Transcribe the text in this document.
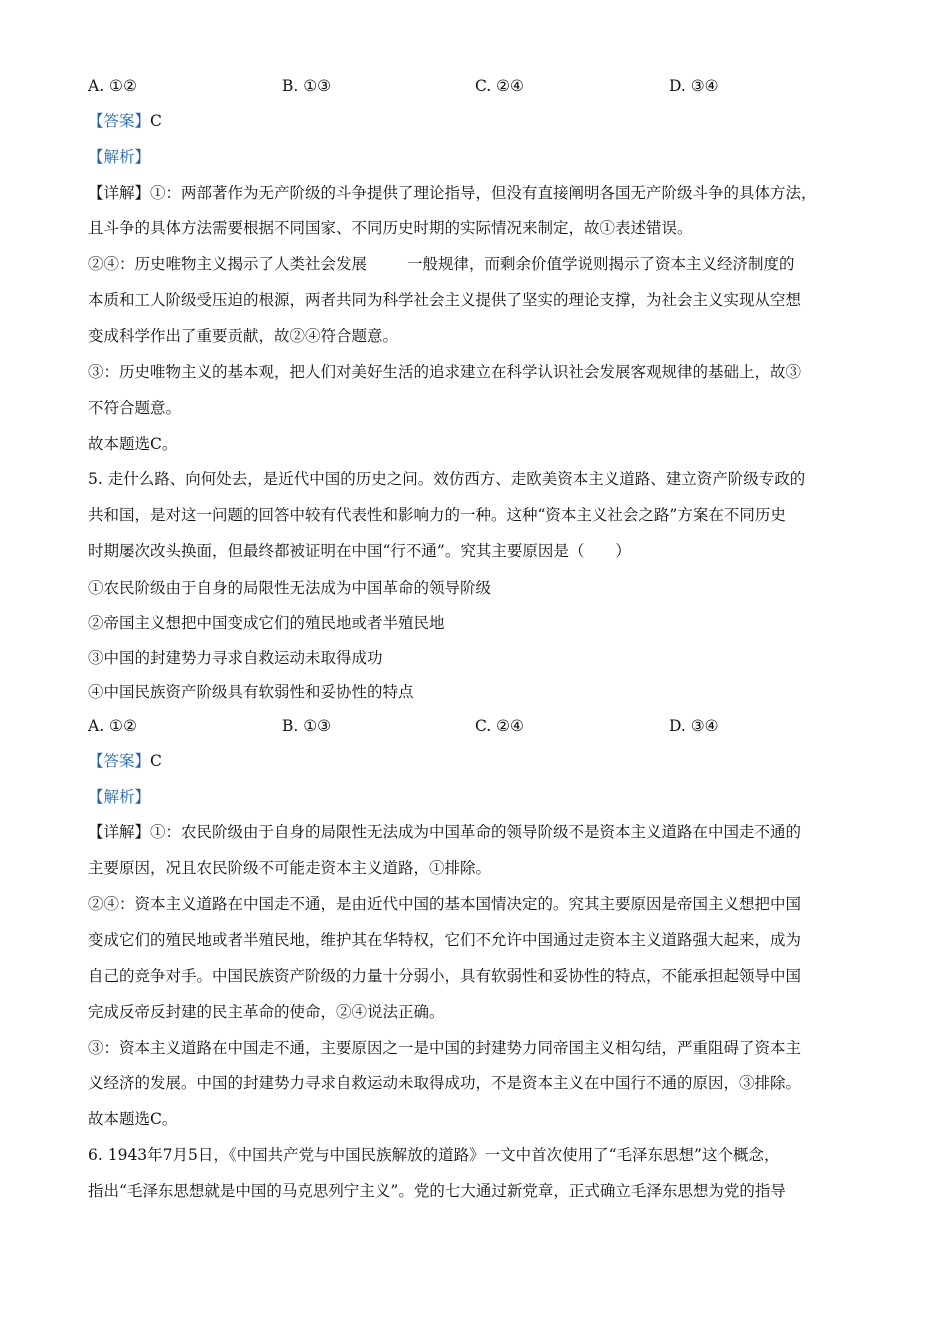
A. ①②	B. ①③	C. ②④	D. ③④
【答案】C
【解析】
【详解】①：两部著作为无产阶级的斗争提供了理论指导，但没有直接阐明各国无产阶级斗争的具体方法，
且斗争的具体方法需要根据不同国家、不同历史时期的实际情况来制定，故①表述错误。
②④：历史唯物主义揭示了人类社会发展	一般规律，而剩余价值学说则揭示了资本主义经济制度的
本质和工人阶级受压迫的根源，两者共同为科学社会主义提供了坚实的理论支撑，为社会主义实现从空想
变成科学作出了重要贡献，故②④符合题意。
③：历史唯物主义的基本观，把人们对美好生活的追求建立在科学认识社会发展客观规律的基础上，故③
不符合题意。
故本题选C。
5. 走什么路、向何处去，是近代中国的历史之问。效仿西方、走欧美资本主义道路、建立资产阶级专政的
共和国，是对这一问题的回答中较有代表性和影响力的一种。这种“资本主义社会之路”方案在不同历史
时期屡次改头换面，但最终都被证明在中国“行不通”。究其主要原因是（　　）
①农民阶级由于自身的局限性无法成为中国革命的领导阶级
②帝国主义想把中国变成它们的殖民地或者半殖民地
③中国的封建势力寻求自救运动未取得成功
④中国民族资产阶级具有软弱性和妥协性的特点
A. ①②	B. ①③	C. ②④	D. ③④
【答案】C
【解析】
【详解】①：农民阶级由于自身的局限性无法成为中国革命的领导阶级不是资本主义道路在中国走不通的
主要原因，况且农民阶级不可能走资本主义道路，①排除。
②④：资本主义道路在中国走不通，是由近代中国的基本国情决定的。究其主要原因是帝国主义想把中国
变成它们的殖民地或者半殖民地，维护其在华特权，它们不允许中国通过走资本主义道路强大起来，成为
自己的竞争对手。中国民族资产阶级的力量十分弱小，具有软弱性和妥协性的特点，不能承担起领导中国
完成反帝反封建的民主革命的使命，②④说法正确。
③：资本主义道路在中国走不通，主要原因之一是中国的封建势力同帝国主义相勾结，严重阻碍了资本主
义经济的发展。中国的封建势力寻求自救运动未取得成功，不是资本主义在中国行不通的原因，③排除。
故本题选C。
6. 1943年7月5日，《中国共产党与中国民族解放的道路》一文中首次使用了“毛泽东思想”这个概念，
指出“毛泽东思想就是中国的马克思列宁主义”。党的七大通过新党章，正式确立毛泽东思想为党的指导
